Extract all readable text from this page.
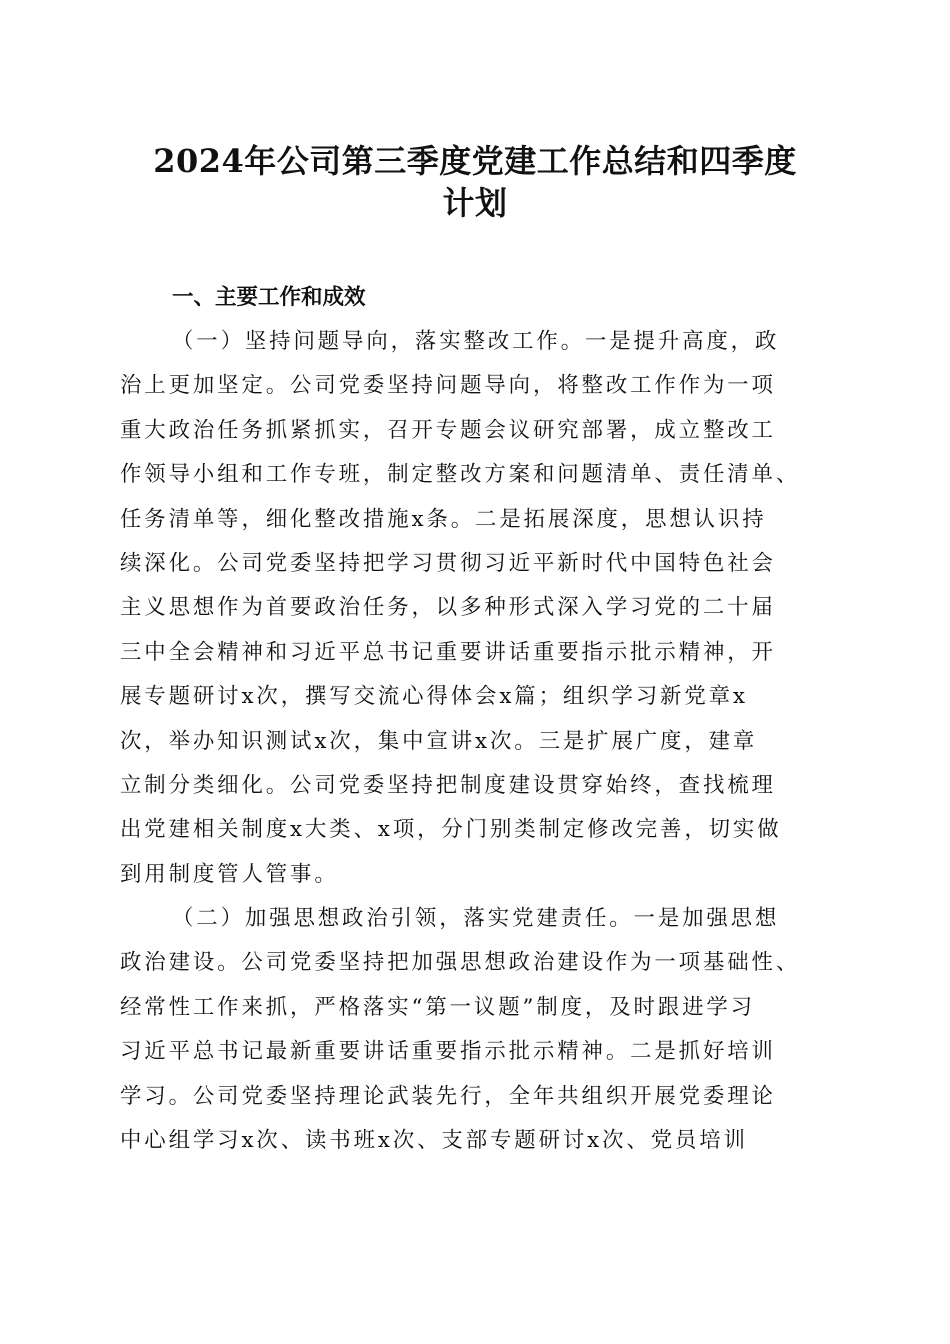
2024年公司第三季度党建工作总结和四季度
计划
一、主要工作和成效
（一）坚持问题导向，落实整改工作。一是提升高度，政
治上更加坚定。公司党委坚持问题导向，将整改工作作为一项
重大政治任务抓紧抓实，召开专题会议研究部署，成立整改工
作领导小组和工作专班，制定整改方案和问题清单、责任清单、
任务清单等，细化整改措施x条。二是拓展深度，思想认识持
续深化。公司党委坚持把学习贯彻习近平新时代中国特色社会
主义思想作为首要政治任务，以多种形式深入学习党的二十届
三中全会精神和习近平总书记重要讲话重要指示批示精神，开
展专题研讨x次，撰写交流心得体会x篇；组织学习新党章x
次，举办知识测试x次，集中宣讲x次。三是扩展广度，建章
立制分类细化。公司党委坚持把制度建设贯穿始终，查找梳理
出党建相关制度x大类、x项，分门别类制定修改完善，切实做
到用制度管人管事。
（二）加强思想政治引领，落实党建责任。一是加强思想
政治建设。公司党委坚持把加强思想政治建设作为一项基础性、
经常性工作来抓，严格落实“第一议题”制度，及时跟进学习
习近平总书记最新重要讲话重要指示批示精神。二是抓好培训
学习。公司党委坚持理论武装先行，全年共组织开展党委理论
中心组学习x次、读书班x次、支部专题研讨x次、党员培训
